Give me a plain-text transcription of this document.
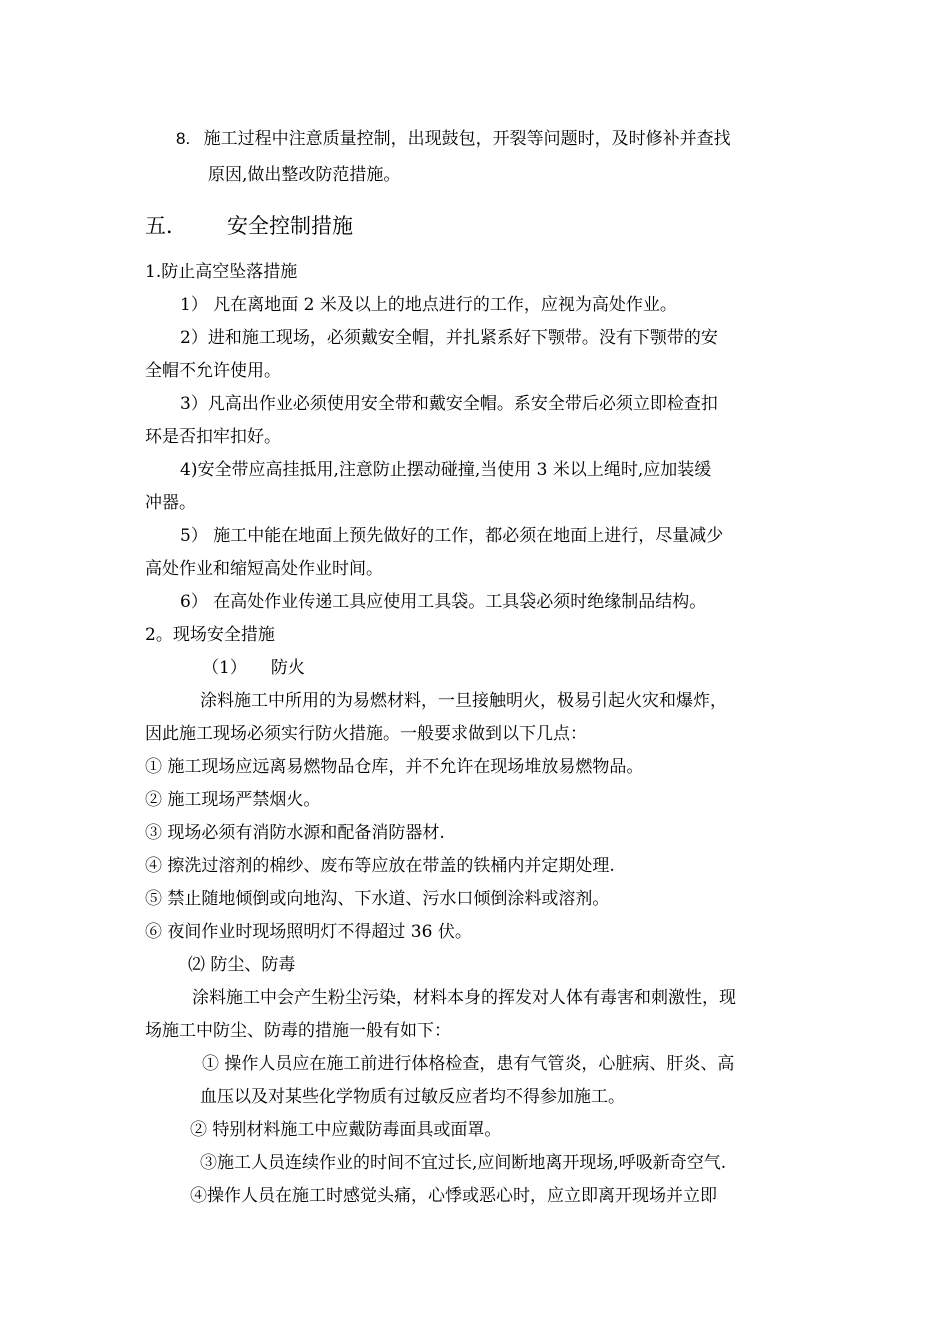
8. 施工过程中注意质量控制，出现鼓包，开裂等问题时，及时修补并查找
原因,做出整改防范措施。
五． 安全控制措施
1.防止高空坠落措施
1） 凡在离地面 2 米及以上的地点进行的工作，应视为高处作业。
2）进和施工现场，必须戴安全帽，并扎紧系好下颚带。没有下颚带的安
全帽不允许使用。
3）凡高出作业必须使用安全带和戴安全帽。系安全带后必须立即检查扣
环是否扣牢扣好。
4)安全带应高挂抵用,注意防止摆动碰撞,当使用 3 米以上绳时,应加装缓
冲器。
5） 施工中能在地面上预先做好的工作，都必须在地面上进行，尽量减少
高处作业和缩短高处作业时间。
6） 在高处作业传递工具应使用工具袋。工具袋必须时绝缘制品结构。
2。现场安全措施
（1） 防火
涂料施工中所用的为易燃材料，一旦接触明火，极易引起火灾和爆炸，
因此施工现场必须实行防火措施。一般要求做到以下几点：
① 施工现场应远离易燃物品仓库，并不允许在现场堆放易燃物品。
② 施工现场严禁烟火。
③ 现场必须有消防水源和配备消防器材.
④ 擦洗过溶剂的棉纱、废布等应放在带盖的铁桶内并定期处理.
⑤ 禁止随地倾倒或向地沟、下水道、污水口倾倒涂料或溶剂。
⑥ 夜间作业时现场照明灯不得超过 36 伏。
⑵ 防尘、防毒
涂料施工中会产生粉尘污染，材料本身的挥发对人体有毒害和刺激性，现
场施工中防尘、防毒的措施一般有如下：
① 操作人员应在施工前进行体格检查，患有气管炎，心脏病、肝炎、高
血压以及对某些化学物质有过敏反应者均不得参加施工。
② 特别材料施工中应戴防毒面具或面罩。
③施工人员连续作业的时间不宜过长,应间断地离开现场,呼吸新奇空气.
④操作人员在施工时感觉头痛，心悸或恶心时，应立即离开现场并立即
